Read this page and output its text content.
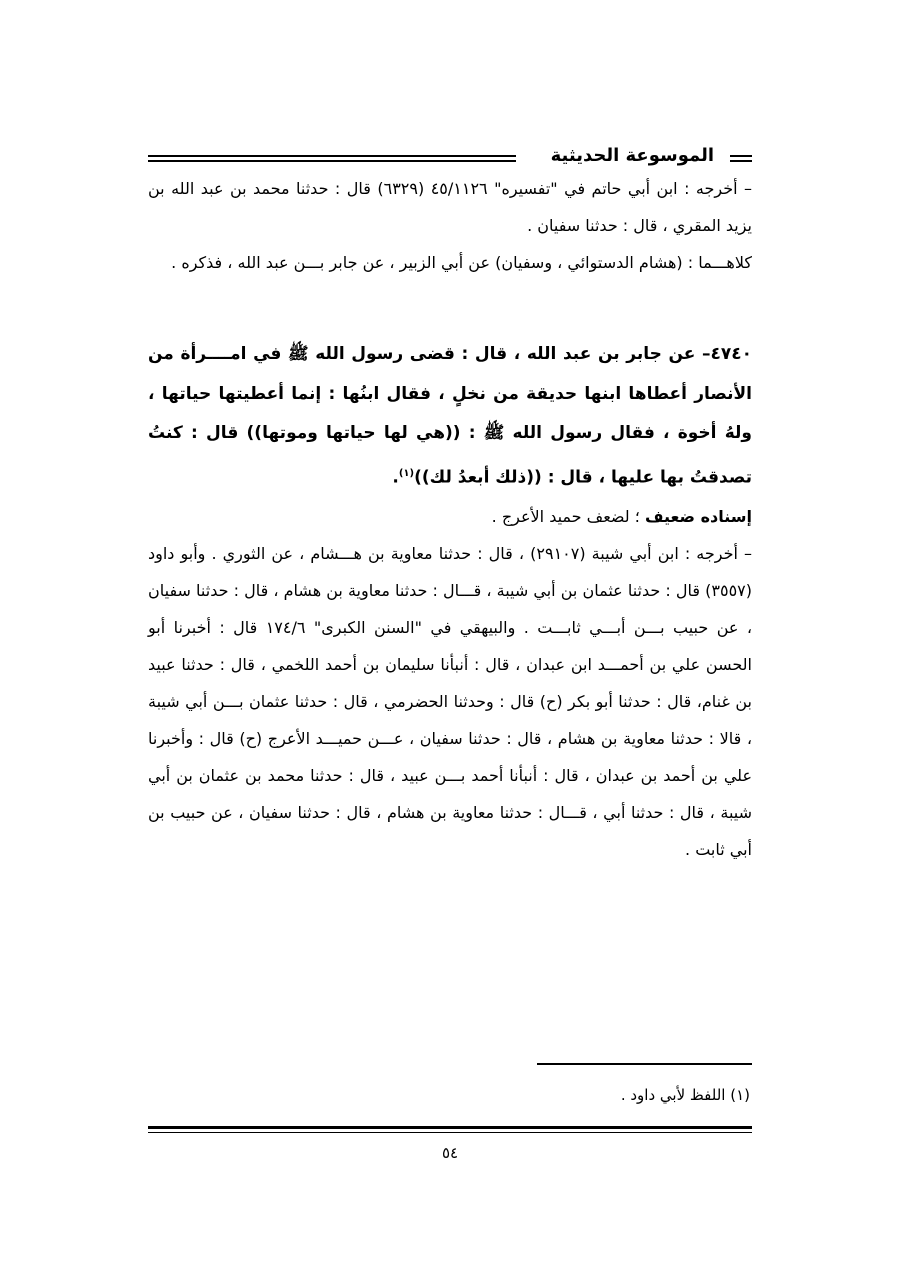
الموسوعة الحديثية

– أخرجه : ابن أبي حاتم في "تفسيره" ٤٥/١١٢٦ (٦٣٢٩) قال : حدثنا محمد بن عبد الله بن يزيد المقري ، قال : حدثنا سفيان .

كلاهـــما : (هشام الدستوائي ، وسفيان) عن أبي الزبير ، عن جابر بـــن عبد الله ، فذكره .

٤٧٤٠– عن جابر بن عبد الله ، قال : قضى رسول الله ﷺ في امــــرأة من الأنصار أعطاها ابنها حديقة من نخلٍ ، فقال ابنُها : إنما أعطيتها حياتها ، ولهُ أخوة ، فقال رسول الله ﷺ : ((هي لها حياتها وموتها)) قال : كنتُ تصدقتُ بها عليها ، قال : ((ذلك أبعدُ لك))$^{(١)}$.

إسناده ضعيف ؛ لضعف حميد الأعرج .

– أخرجه : ابن أبي شيبة (٢٩١٠٧) ، قال : حدثنا معاوية بن هـــشام ، عن الثوري . وأبو داود (٣٥٥٧) قال : حدثنا عثمان بن أبي شيبة ، قـــال : حدثنا معاوية بن هشام ، قال : حدثنا سفيان ، عن حبيب بـــن أبـــي ثابـــت . والبيهقي في "السنن الكبرى" ١٧٤/٦ قال : أخبرنا أبو الحسن علي بن أحمـــد ابن عبدان ، قال : أنبأنا سليمان بن أحمد اللخمي ، قال : حدثنا عبيد بن غنام، قال : حدثنا أبو بكر (ح) قال : وحدثنا الحضرمي ، قال : حدثنا عثمان بـــن أبي شيبة ، قالا : حدثنا معاوية بن هشام ، قال : حدثنا سفيان ، عـــن حميـــد الأعرج (ح) قال : وأخبرنا علي بن أحمد بن عبدان ، قال : أنبأنا أحمد بـــن عبيد ، قال : حدثنا محمد بن عثمان بن أبي شيبة ، قال : حدثنا أبي ، قـــال : حدثنا معاوية بن هشام ، قال : حدثنا سفيان ، عن حبيب بن أبي ثابت .

(١) اللفظ لأبي داود .
٥٤
